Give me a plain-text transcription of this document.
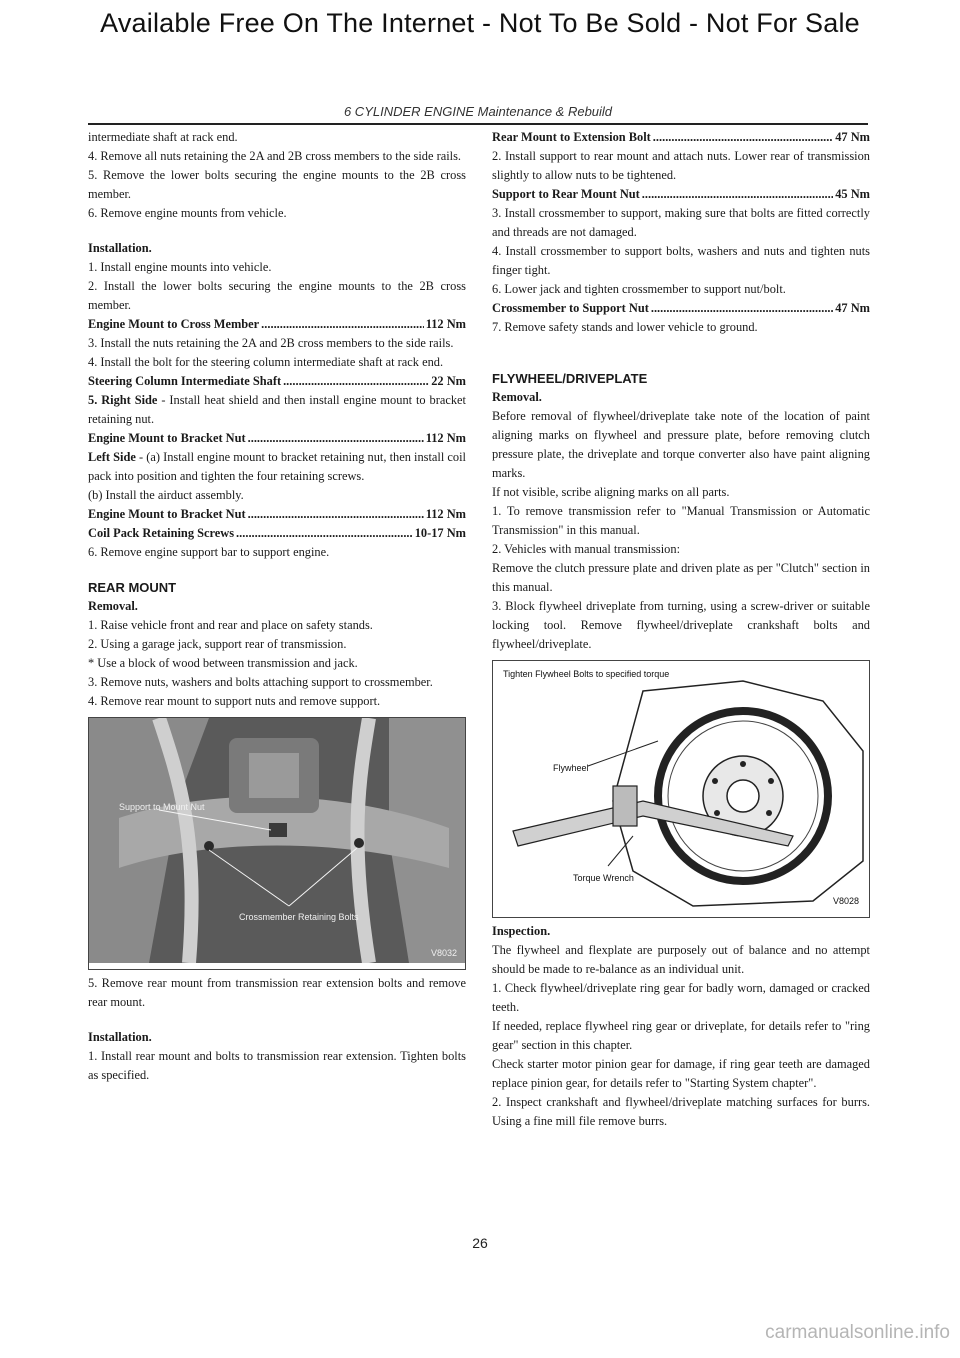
Available Free On The Internet - Not To Be Sold - Not For Sale
6 CYLINDER ENGINE Maintenance & Rebuild

intermediate shaft at rack end.

4. Remove all nuts retaining the 2A and 2B cross members to the side rails.

5. Remove the lower bolts securing the engine mounts to the 2B cross member.

6. Remove engine mounts from vehicle.

Installation.

1. Install engine mounts into vehicle.

2. Install the lower bolts securing the engine mounts to the 2B cross member.

Engine Mount to Cross Member .....	112 Nm

3. Install the nuts retaining the 2A and 2B cross members to the side rails.

4. Install the bolt for the steering column intermediate shaft at rack end.

Steering Column Intermediate Shaft .....	22 Nm

5. Right Side - Install heat shield and then install engine mount to bracket retaining nut.

Engine Mount to Bracket Nut .....	112 Nm

Left Side - (a) Install engine mount to bracket retaining nut, then install coil pack into position and tighten the four retaining screws.

(b) Install the airduct assembly.

Engine Mount to Bracket Nut .....	112 Nm
Coil Pack Retaining Screws .....	10-17 Nm

6. Remove engine support bar to support engine.

REAR MOUNT

Removal.

1. Raise vehicle front and rear and place on safety stands.

2. Using a garage jack, support rear of transmission.

* Use a block of wood between transmission and jack.

3. Remove nuts, washers and bolts attaching support to crossmember.

4. Remove rear mount to support nuts and remove support.

Support to Mount Nut
Crossmember Retaining Bolts
V8032

5. Remove rear mount from transmission rear extension bolts and remove rear mount.

Installation.

1. Install rear mount and bolts to transmission rear extension. Tighten bolts as specified.

Rear Mount to Extension Bolt .....	47 Nm

2. Install support to rear mount and attach nuts. Lower rear of transmission slightly to allow nuts to be tightened.

Support to Rear Mount Nut .....	45 Nm

3. Install crossmember to support, making sure that bolts are fitted correctly and threads are not damaged.

4. Install crossmember to support bolts, washers and nuts and tighten nuts finger tight.

6. Lower jack and tighten crossmember to support nut/bolt.

Crossmember to Support Nut .....	47 Nm

7. Remove safety stands and lower vehicle to ground.

FLYWHEEL/DRIVEPLATE

Removal.

Before removal of flywheel/driveplate take note of the location of paint aligning marks on flywheel and pressure plate, before removing clutch pressure plate, the driveplate and torque converter also have paint aligning marks.

If not visible, scribe aligning marks on all parts.

1. To remove transmission refer to "Manual Transmission or Automatic Transmission" in this manual.

2. Vehicles with manual transmission:

Remove the clutch pressure plate and driven plate as per "Clutch" section in this manual.

3. Block flywheel driveplate from turning, using a screw-driver or suitable locking tool. Remove flywheel/driveplate crankshaft bolts and flywheel/driveplate.

Tighten Flywheel Bolts to specified torque
Flywheel
Torque Wrench
V8028

Inspection.

The flywheel and flexplate are purposely out of balance and no attempt should be made to re-balance as an individual unit.

1. Check flywheel/driveplate ring gear for badly worn, damaged or cracked teeth.

If needed, replace flywheel ring gear or driveplate, for details refer to "ring gear" section in this chapter.

Check starter motor pinion gear for damage, if ring gear teeth are damaged replace pinion gear, for details refer to "Starting System chapter".

2. Inspect crankshaft and flywheel/driveplate matching surfaces for burrs. Using a fine mill file remove burrs.

26
carmanualsonline.info
